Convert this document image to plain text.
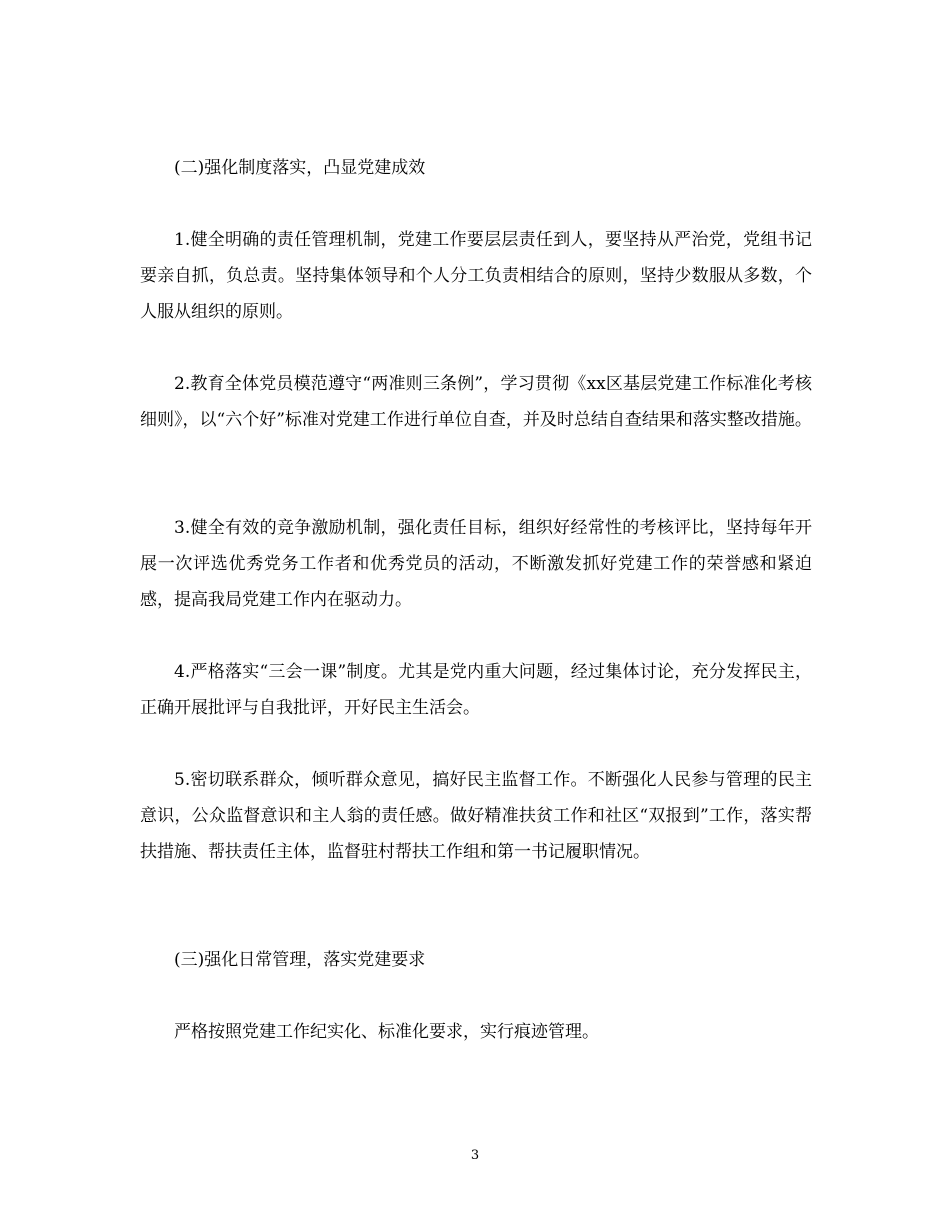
(二)强化制度落实，凸显党建成效

1.健全明确的责任管理机制，党建工作要层层责任到人，要坚持从严治党，党组书记要亲自抓，负总责。坚持集体领导和个人分工负责相结合的原则，坚持少数服从多数，个人服从组织的原则。

2.教育全体党员模范遵守“两准则三条例”，学习贯彻《xx区基层党建工作标准化考核细则》，以“六个好”标准对党建工作进行单位自查，并及时总结自查结果和落实整改措施。

3.健全有效的竞争激励机制，强化责任目标，组织好经常性的考核评比，坚持每年开展一次评选优秀党务工作者和优秀党员的活动，不断激发抓好党建工作的荣誉感和紧迫感，提高我局党建工作内在驱动力。

4.严格落实“三会一课”制度。尤其是党内重大问题，经过集体讨论，充分发挥民主，正确开展批评与自我批评，开好民主生活会。

5.密切联系群众，倾听群众意见，搞好民主监督工作。不断强化人民参与管理的民主意识，公众监督意识和主人翁的责任感。做好精准扶贫工作和社区“双报到”工作，落实帮扶措施、帮扶责任主体，监督驻村帮扶工作组和第一书记履职情况。

(三)强化日常管理，落实党建要求

严格按照党建工作纪实化、标准化要求，实行痕迹管理。

3
